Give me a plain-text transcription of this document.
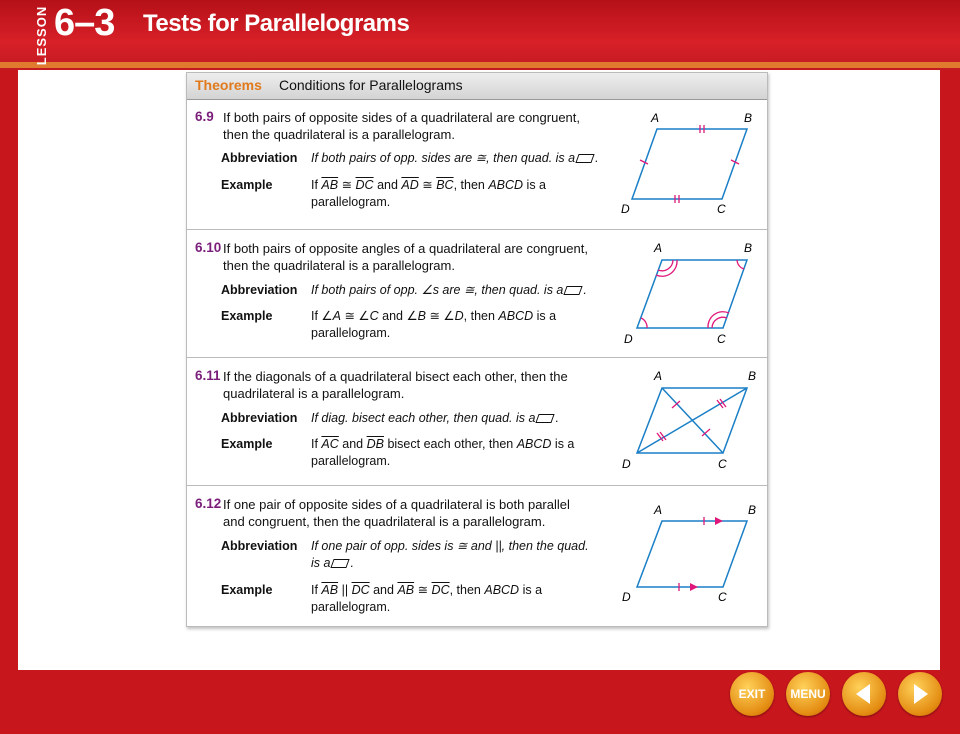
LESSON 6–3 Tests for Parallelograms
Theorems Conditions for Parallelograms
6.9 If both pairs of opposite sides of a quadrilateral are congruent, then the quadrilateral is a parallelogram.
Abbreviation If both pairs of opp. sides are ≅, then quad. is a .
Example	If $\overline{AB}$ ≅ $\overline{DC}$ and $\overline{AD}$ ≅ $\overline{BC}$, then ABCD is a parallelogram.
A	B
C
D
6.10 If both pairs of opposite angles of a quadrilateral are congruent, then the quadrilateral is a parallelogram.
Abbreviation If both pairs of opp. ∠s are ≅, then quad. is a .
Example	If ∠A ≅ ∠C and ∠B ≅ ∠D, then ABCD is a parallelogram.
A	B
C
D
6.11 If the diagonals of a quadrilateral bisect each other, then the quadrilateral is a parallelogram.
Abbreviation If diag. bisect each other, then quad. is a .
Example	If $\overline{AC}$ and $\overline{DB}$ bisect each other, then ABCD is a parallelogram.
A	B
C
D
6.12 If one pair of opposite sides of a quadrilateral is both parallel and congruent, then the quadrilateral is a parallelogram.
Abbreviation If one pair of opp. sides is ≅ and ||, then the quad. is a .
Example	If $\overline{AB}$ || $\overline{DC}$ and $\overline{AB}$ ≅ $\overline{DC}$, then ABCD is a parallelogram.
A	B
C
D
EXIT	MENU
